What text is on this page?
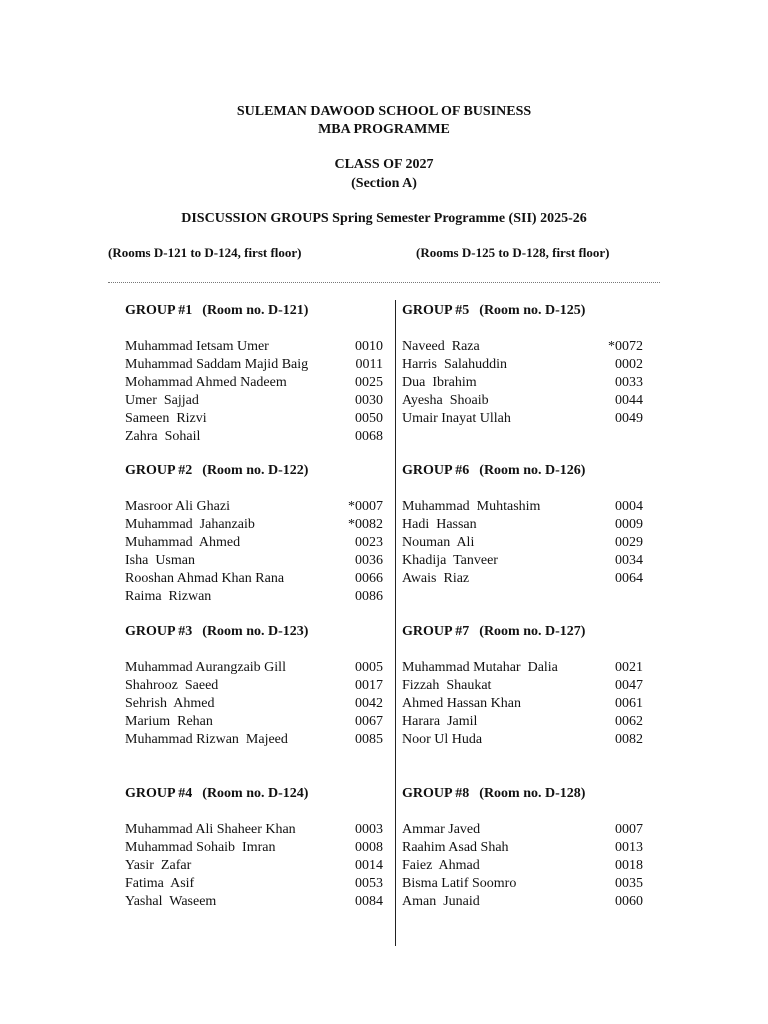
SULEMAN DAWOOD SCHOOL OF BUSINESS
MBA PROGRAMME
CLASS OF 2027
(Section A)
DISCUSSION GROUPS Spring Semester Programme (SII) 2025-26
(Rooms D-121 to D-124, first floor)	(Rooms D-125 to D-128, first floor)
GROUP #1 (Room no. D-121)
Muhammad Ietsam Umer	0010
Muhammad Saddam Majid Baig	0011
Mohammad Ahmed Nadeem	0025
Umer  Sajjad	0030
Sameen  Rizvi	0050
Zahra  Sohail	0068
GROUP #2 (Room no. D-122)
Masroor Ali Ghazi	*0007
Muhammad  Jahanzaib	*0082
Muhammad  Ahmed	0023
Isha  Usman	0036
Rooshan Ahmad Khan Rana	0066
Raima  Rizwan	0086
GROUP #3 (Room no. D-123)
Muhammad Aurangzaib Gill	0005
Shahrooz  Saeed	0017
Sehrish  Ahmed	0042
Marium  Rehan	0067
Muhammad Rizwan  Majeed	0085
GROUP #4 (Room no. D-124)
Muhammad Ali Shaheer Khan	0003
Muhammad Sohaib  Imran	0008
Yasir  Zafar	0014
Fatima  Asif	0053
Yashal  Waseem	0084
GROUP #5 (Room no. D-125)
Naveed  Raza	*0072
Harris  Salahuddin	0002
Dua  Ibrahim	0033
Ayesha  Shoaib	0044
Umair Inayat Ullah	0049
GROUP #6 (Room no. D-126)
Muhammad  Muhtashim	0004
Hadi  Hassan	0009
Nouman  Ali	0029
Khadija  Tanveer	0034
Awais  Riaz	0064
GROUP #7 (Room no. D-127)
Muhammad Mutahar  Dalia	0021
Fizzah  Shaukat	0047
Ahmed Hassan Khan	0061
Harara  Jamil	0062
Noor Ul Huda	0082
GROUP #8 (Room no. D-128)
Ammar Javed	0007
Raahim Asad Shah	0013
Faiez  Ahmad	0018
Bisma Latif Soomro	0035
Aman  Junaid	0060
